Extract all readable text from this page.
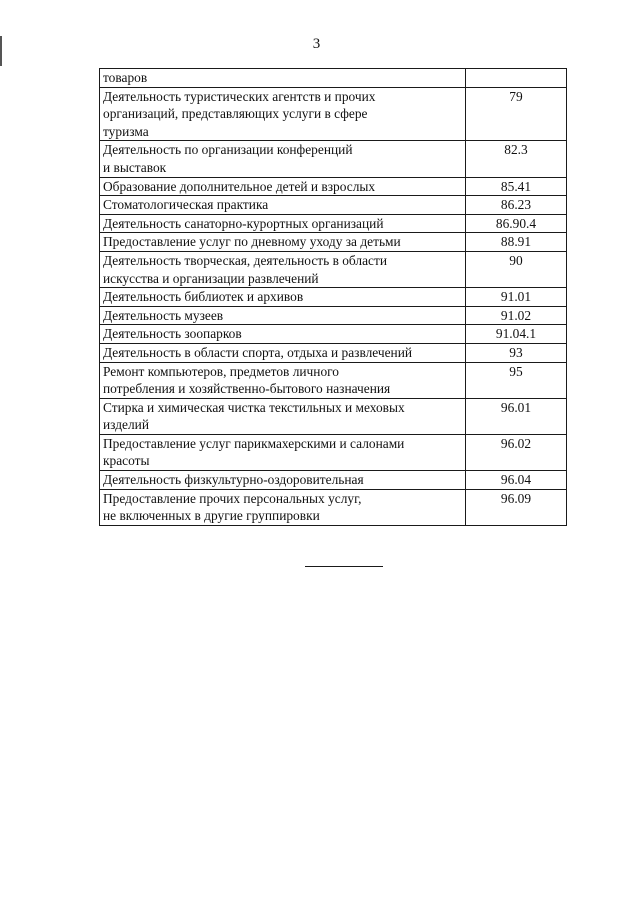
3
товаров	
Деятельность туристических агентств и прочих
организаций, представляющих услуги в сфере
туризма	79
Деятельность по организации конференций
и выставок	82.3
Образование дополнительное детей и взрослых	85.41
Стоматологическая практика	86.23
Деятельность санаторно-курортных организаций	86.90.4
Предоставление услуг по дневному уходу за детьми	88.91
Деятельность творческая, деятельность в области
искусства и организации развлечений	90
Деятельность библиотек и архивов	91.01
Деятельность музеев	91.02
Деятельность зоопарков	91.04.1
Деятельность в области спорта, отдыха и развлечений	93
Ремонт компьютеров, предметов личного
потребления и хозяйственно-бытового назначения	95
Стирка и химическая чистка текстильных и меховых
изделий	96.01
Предоставление услуг парикмахерскими и салонами
красоты	96.02
Деятельность физкультурно-оздоровительная	96.04
Предоставление прочих персональных услуг,
не включенных в другие группировки	96.09
